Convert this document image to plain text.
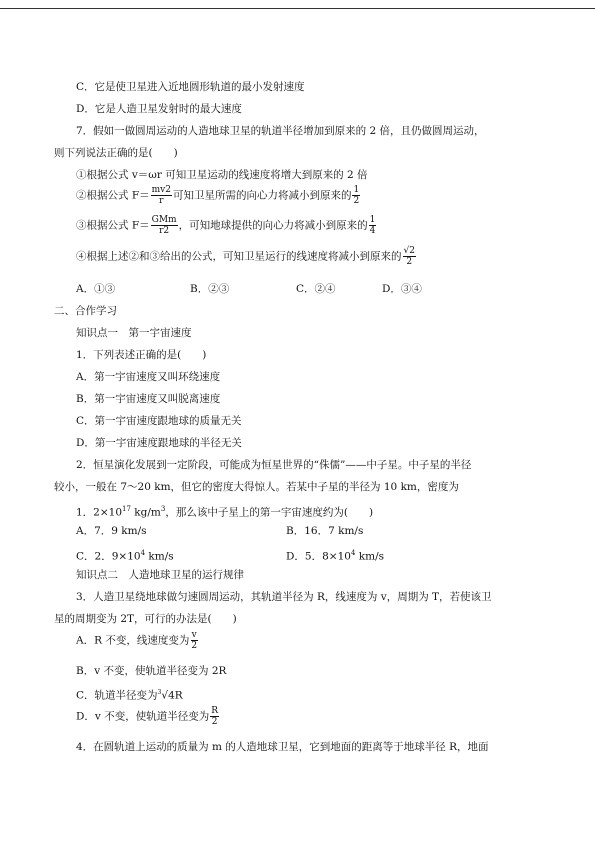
C．它是使卫星进入近地圆形轨道的最小发射速度
D．它是人造卫星发射时的最大速度
7．假如一做圆周运动的人造地球卫星的轨道半径增加到原来的 2 倍，且仍做圆周运动，
则下列说法正确的是(　　)
①根据公式 v＝ωr 可知卫星运动的线速度将增大到原来的 2 倍
②根据公式 $F= \frac{mv2}{r}$ 可知卫星所需的向心力将减小到原来的 $\frac{1}{2}$
③根据公式 $F= \frac{\text{GMm}}{r2}$ ，可知地球提供的向心力将减小到原来的 $\frac{1}{4}$
④根据上述②和③给出的公式，可知卫星运行的线速度将减小到原来的 $\frac{√2}{2}$
A．①③	B．②③	C．②④	D．③④
二、合作学习
知识点一　第一宇宙速度
1．下列表述正确的是(　　)
A．第一宇宙速度又叫环绕速度
B．第一宇宙速度又叫脱离速度
C．第一宇宙速度跟地球的质量无关
D．第一宇宙速度跟地球的半径无关
2．恒星演化发展到一定阶段，可能成为恒星世界的“侏儒”——中子星。中子星的半径
较小，一般在 7～20 km，但它的密度大得惊人。若某中子星的半径为 10 km，密度为
1．$2\times 10^{17}$ $kg/m^3$，那么该中子星上的第一宇宙速度约为(　　)
A．7．9 km/s	B．16．7 km/s
C．2．$9\times 10^4$ km/s	D．5．$8\times 10^4$ km/s
知识点二　人造地球卫星的运行规律
3．人造卫星绕地球做匀速圆周运动，其轨道半径为 R，线速度为 v，周期为 T，若使该卫
星的周期变为 2T，可行的办法是(　　)
A．R 不变，线速度变为 $\frac{v}{2}$
B．v 不变，使轨道半径变为 2R
C．轨道半径变为$^3$√4R
D．v 不变，使轨道半径变为 $\frac{R}{2}$
4．在圆轨道上运动的质量为 m 的人造地球卫星，它到地面的距离等于地球半径 R，地面
